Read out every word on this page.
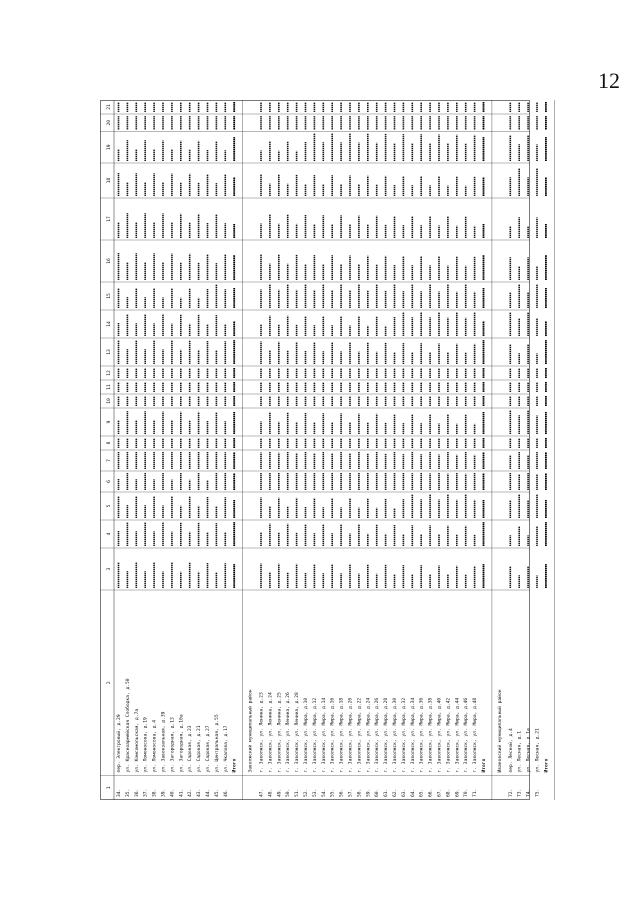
12
1
2
3
4
5
6
7
8
9
10
11
12
13
14
15
16
17
18
19
20
21
34.
пер. Электровый, д.29
35.
ул. Красноармейская Слободка, д.50
36.
ул. Комсомольская, д.7а
37.
ул. Ломоносова, д.19
38.
ул. Ломоносова, д.4
39.
ул. Завокзальная, д.39
40.
ул. Загородная, д.13
41.
ул. Загородная, д.10а
42.
ул. Садовая, д.23
43.
ул. Садовая, д.21
44.
ул. Садовая, д.27
45.
ул. Центральная, д.55
46.
ул. Чкалова, д.17 Итого Заволжский муниципальный район
47.
г. Заволжск, ул. Ленина, д.23
48.
г. Заволжск, ул. Ленина, д.24
49.
г. Заволжск, ул. Ленина, д.25
50.
г. Заволжск, ул. Ленина, д.26
51.
г. Заволжск, ул. Ленина, д.28
52.
г. Заволжск, ул. Мира, д.10
53.
г. Заволжск, ул. Мира, д.12
54.
г. Заволжск, ул. Мира, д.14
55.
г. Заволжск, ул. Мира, д.16
56.
г. Заволжск, ул. Мира, д.18
57.
г. Заволжск, ул. Мира, д.20
58.
г. Заволжск, ул. Мира, д.22
59.
г. Заволжск, ул. Мира, д.24
60.
г. Заволжск, ул. Мира, д.26
61.
г. Заволжск, ул. Мира, д.28
62.
г. Заволжск, ул. Мира, д.30
63.
г. Заволжск, ул. Мира, д.32
64.
г. Заволжск, ул. Мира, д.34
65.
г. Заволжск, ул. Мира, д.36
66.
г. Заволжск, ул. Мира, д.38
67.
г. Заволжск, ул. Мира, д.40
68.
г. Заволжск, ул. Мира, д.42
69.
г. Заволжск, ул. Мира, д.44
70.
г. Заволжск, ул. Мира, д.46
71.
г. Заволжск, ул. Мира, д.48 Итого Ивановский муниципальный район
72.
пер. Лесной, д.4
73.
ул. Лесная, д.1
74.
ул. Лесная, д.1а
75.
ул. Лесная, д.21 Итого
